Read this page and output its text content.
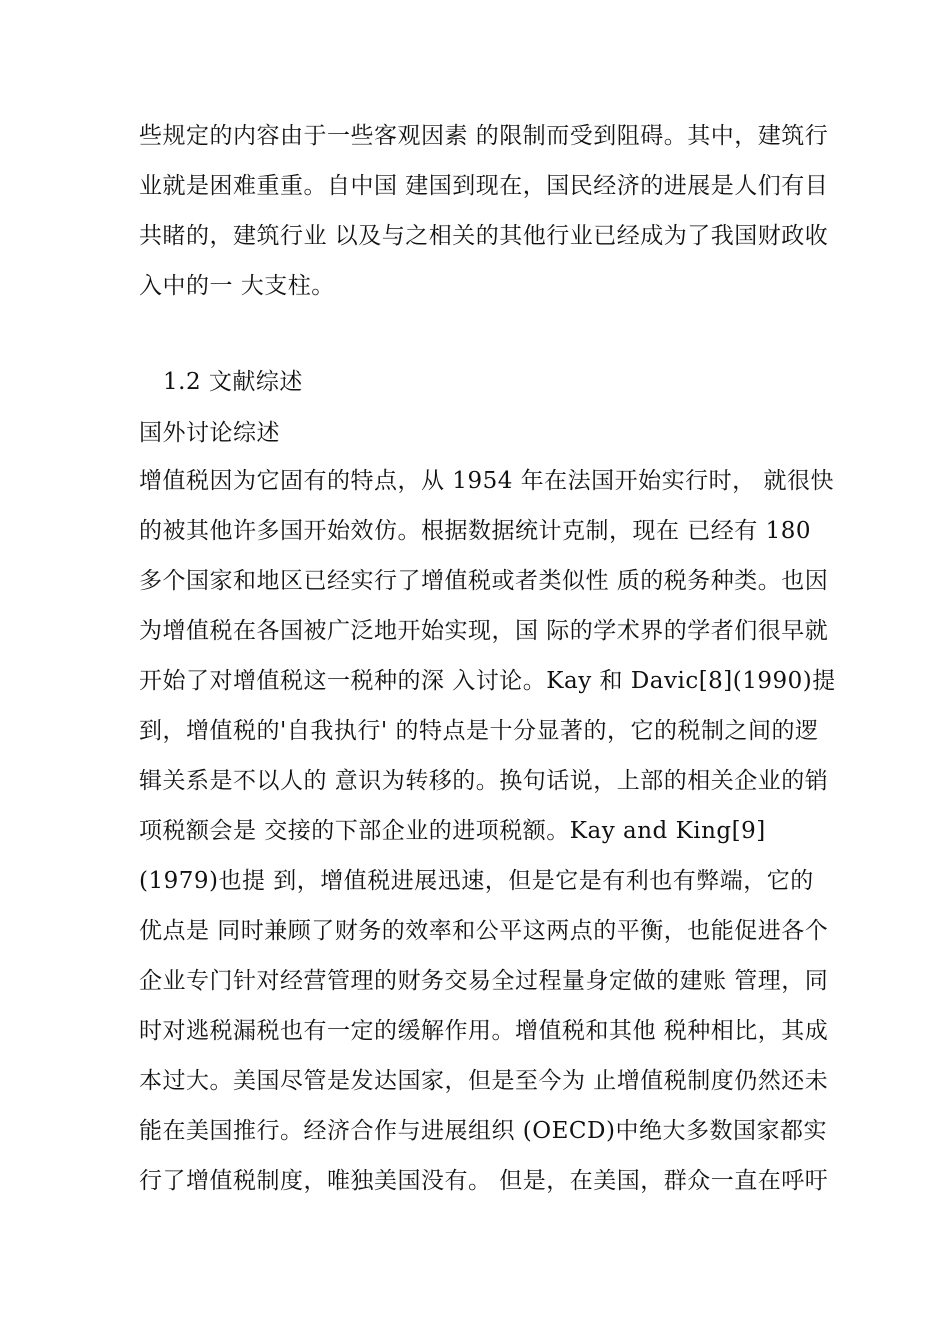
些规定的内容由于一些客观因素 的限制而受到阻碍。其中，建筑行
业就是困难重重。自中国 建国到现在，国民经济的进展是人们有目
共睹的，建筑行业 以及与之相关的其他行业已经成为了我国财政收
入中的一 大支柱。
1.2 文献综述
国外讨论综述
增值税因为它固有的特点，从 1954 年在法国开始实行时， 就很快
的被其他许多国开始效仿。根据数据统计克制，现在 已经有 180
多个国家和地区已经实行了增值税或者类似性 质的税务种类。也因
为增值税在各国被广泛地开始实现，国 际的学术界的学者们很早就
开始了对增值税这一税种的深 入讨论。Kay 和 Davic[8](1990)提
到，增值税的'自我执行' 的特点是十分显著的，它的税制之间的逻
辑关系是不以人的 意识为转移的。换句话说，上部的相关企业的销
项税额会是 交接的下部企业的进项税额。Kay and King[9]
(1979)也提 到，增值税进展迅速，但是它是有利也有弊端，它的
优点是 同时兼顾了财务的效率和公平这两点的平衡，也能促进各个
企业专门针对经营管理的财务交易全过程量身定做的建账 管理，同
时对逃税漏税也有一定的缓解作用。增值税和其他 税种相比，其成
本过大。美国尽管是发达国家，但是至今为 止增值税制度仍然还未
能在美国推行。经济合作与进展组织 (OECD)中绝大多数国家都实
行了增值税制度，唯独美国没有。 但是，在美国，群众一直在呼吁
